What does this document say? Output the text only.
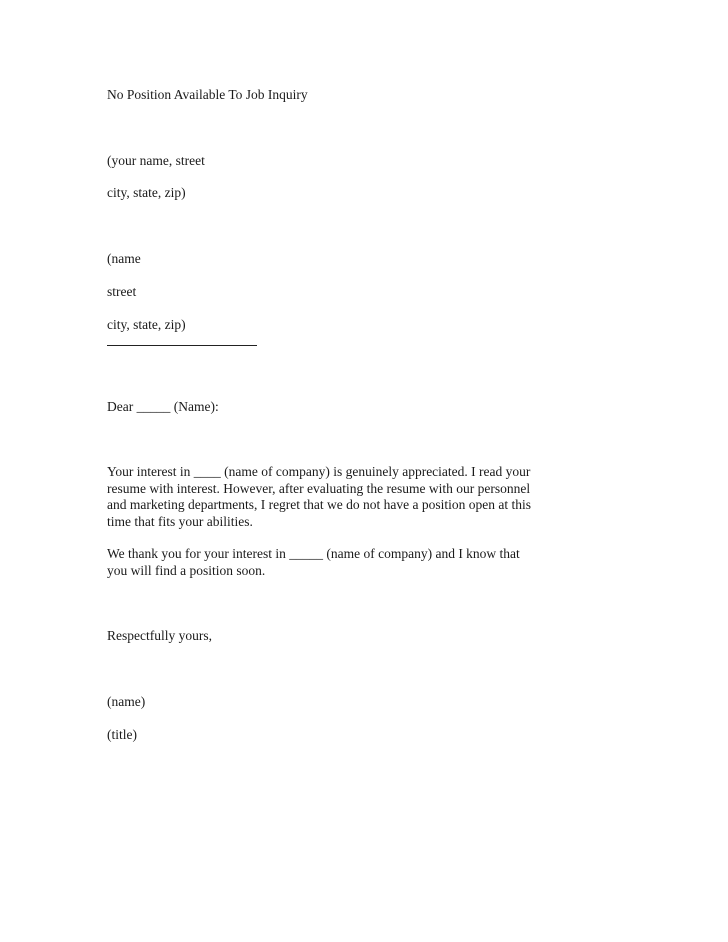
No Position Available To Job Inquiry
(your name, street
city, state, zip)
(name
street
city, state, zip)
Dear _____ (Name):
Your interest in ____ (name of company) is genuinely appreciated. I read your
resume with interest. However, after evaluating the resume with our personnel
and marketing departments, I regret that we do not have a position open at this
time that fits your abilities.
We thank you for your interest in _____ (name of company) and I know that
you will find a position soon.
Respectfully yours,
(name)
(title)
